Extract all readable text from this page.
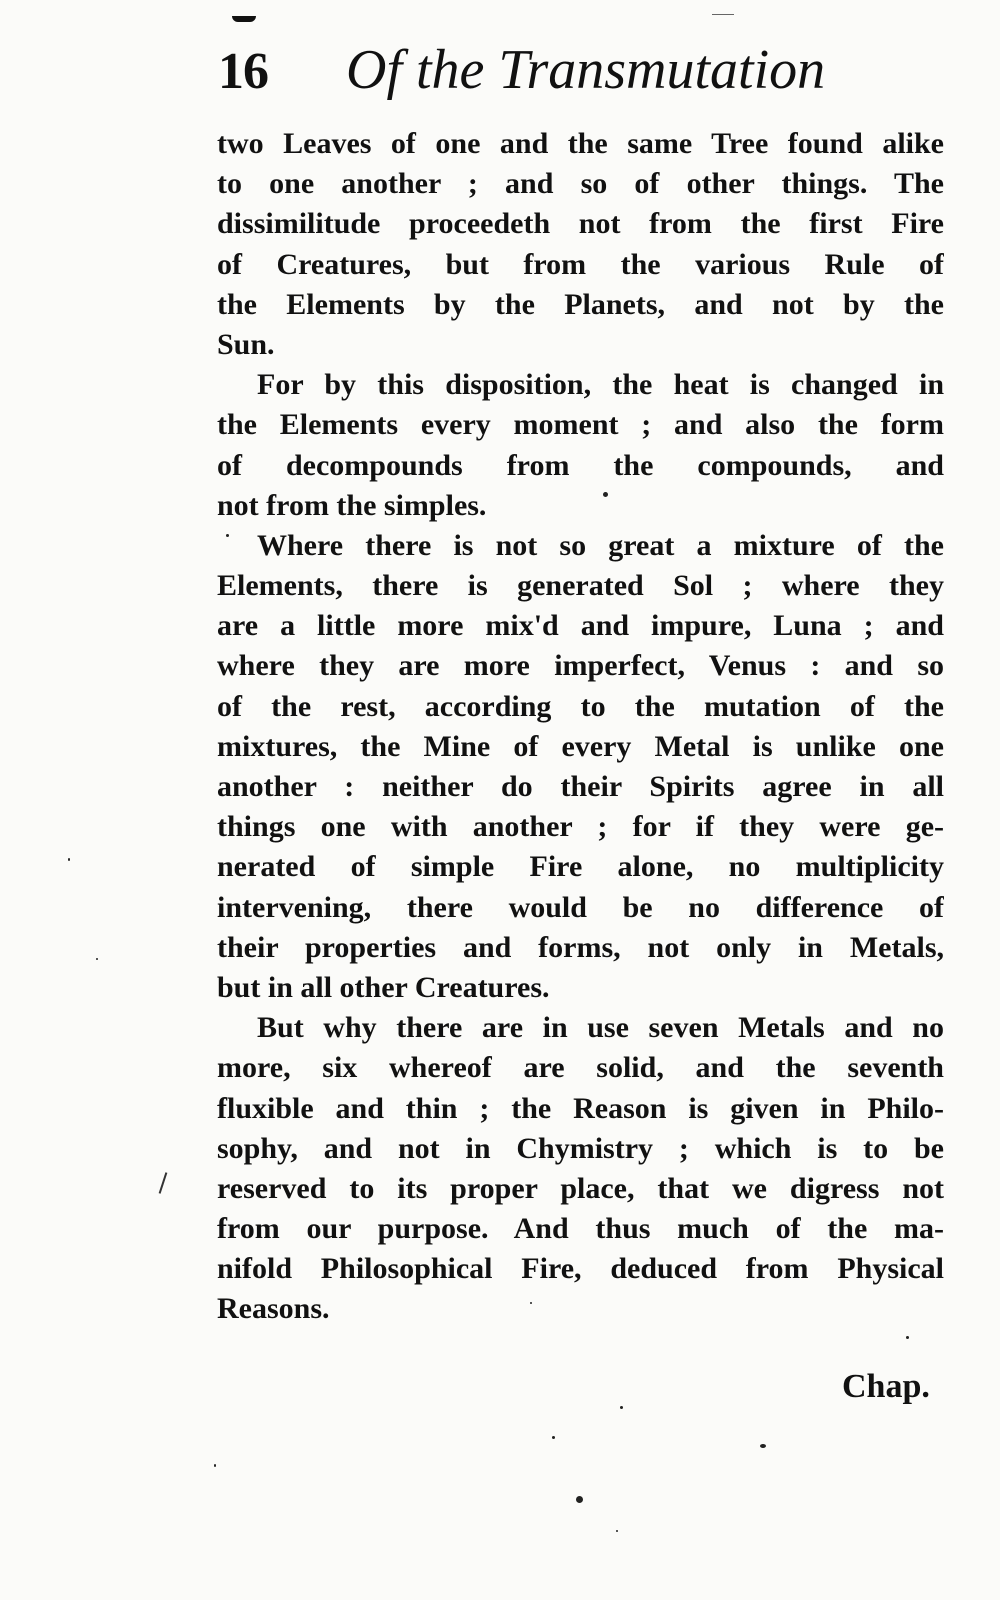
16 Of the Transmutation
two Leaves of one and the same Tree found alike
to one another ; and so of other things. The
dissimilitude proceedeth not from the first Fire
of Creatures, but from the various Rule of
the Elements by the Planets, and not by the
Sun.
For by this disposition, the heat is changed in
the Elements every moment ; and also the form
of decompounds from the compounds, and
not from the simples.
Where there is not so great a mixture of the
Elements, there is generated Sol ; where they
are a little more mix'd and impure, Luna ; and
where they are more imperfect, Venus : and so
of the rest, according to the mutation of the
mixtures, the Mine of every Metal is unlike one
another : neither do their Spirits agree in all
things one with another ; for if they were ge-
nerated of simple Fire alone, no multiplicity
intervening, there would be no difference of
their properties and forms, not only in Metals,
but in all other Creatures.
But why there are in use seven Metals and no
more, six whereof are solid, and the seventh
fluxible and thin ; the Reason is given in Philo-
sophy, and not in Chymistry ; which is to be
reserved to its proper place, that we digress not
from our purpose. And thus much of the ma-
nifold Philosophical Fire, deduced from Physical
Reasons.
Chap.
